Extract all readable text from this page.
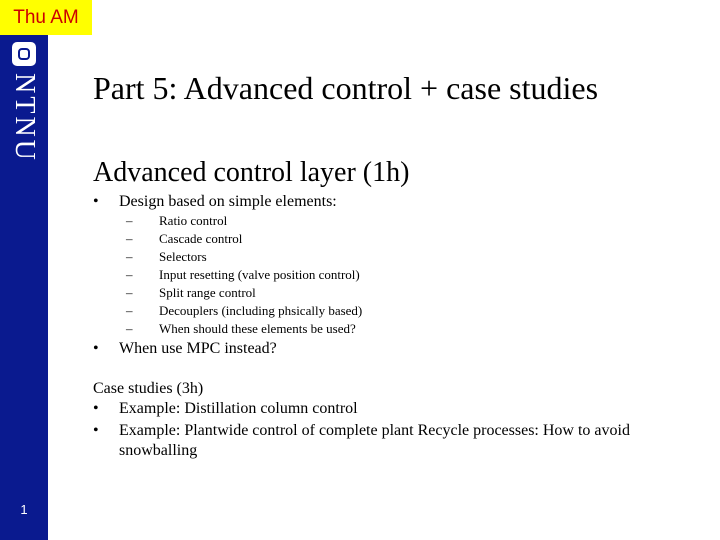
NTNU
1
Thu AM
Part 5: Advanced control + case studies
Advanced control layer (1h)
• Design based on simple elements:
– Ratio control
– Cascade control
– Selectors
– Input resetting (valve position control)
– Split range control
– Decouplers (including phsically based)
– When should these elements be used?
• When use MPC instead?
Case studies (3h)
• Example: Distillation column control
• Example: Plantwide control of complete plant Recycle processes: How to avoid snowballing
